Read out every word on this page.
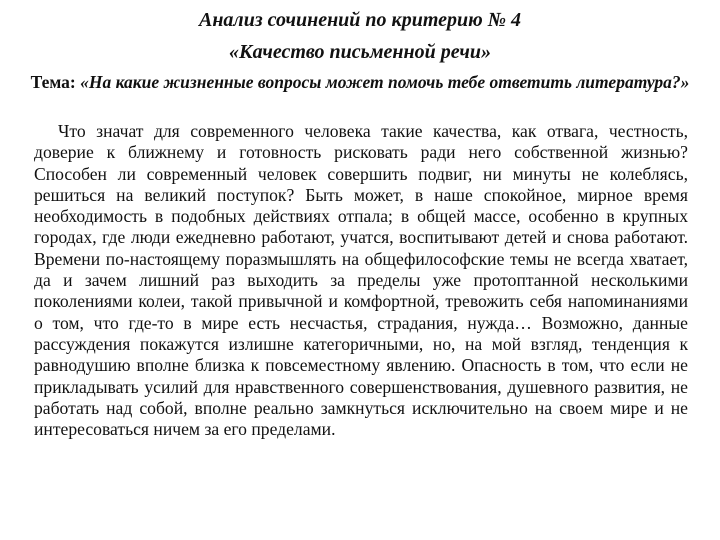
Анализ сочинений по критерию № 4
«Качество письменной речи»
Тема: «На какие жизненные вопросы может помочь тебе ответить литература?»

Что значат для современного человека такие качества, как отвага, честность, доверие к ближнему и готовность рисковать ради него собственной жизнью? Способен ли современный человек совершить подвиг, ни минуты не колеблясь, решиться на великий поступок? Быть может, в наше спокойное, мирное время необходимость в подобных действиях отпала; в общей массе, особенно в крупных городах, где люди ежедневно работают, учатся, воспитывают детей и снова работают. Времени по-настоящему поразмышлять на общефилософские темы не всегда хватает, да и зачем лишний раз выходить за пределы уже протоптанной несколькими поколениями колеи, такой привычной и комфортной, тревожить себя напоминаниями о том, что где-то в мире есть несчастья, страдания, нужда… Возможно, данные рассуждения покажутся излишне категоричными, но, на мой взгляд, тенденция к равнодушию вполне близка к повсеместному явлению. Опасность в том, что если не прикладывать усилий для нравственного совершенствования, душевного развития, не работать над собой, вполне реально замкнуться исключительно на своем мире и не интересоваться ничем за его пределами.
